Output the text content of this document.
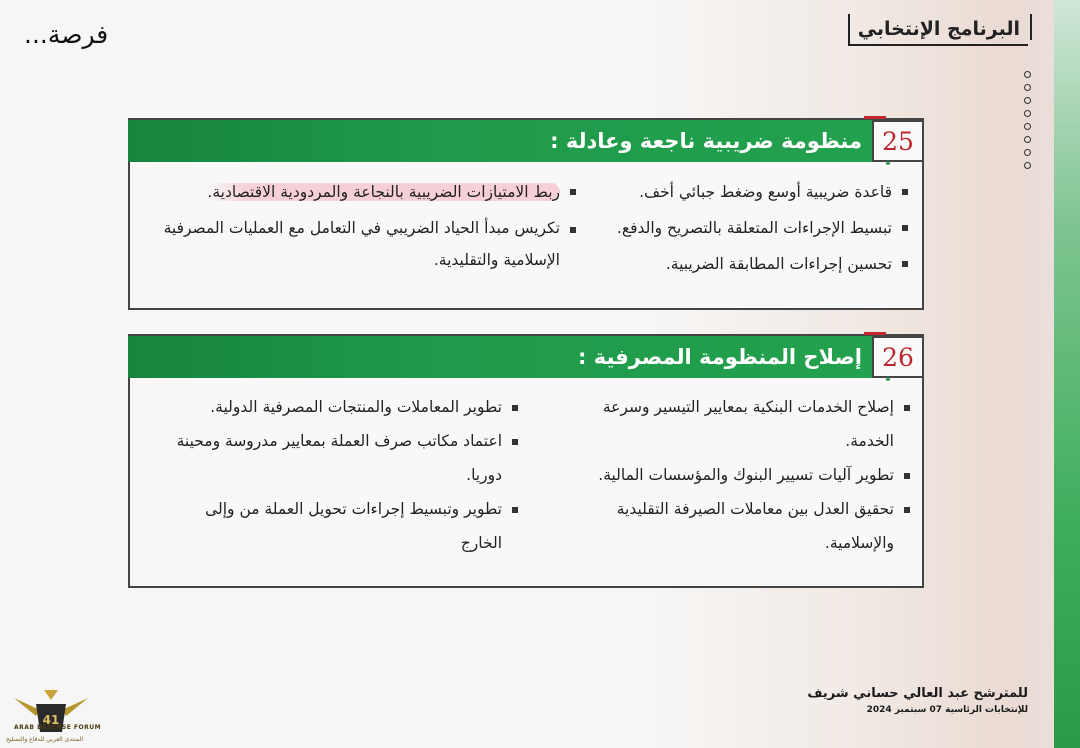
البرنامج الإنتخابي
فرصة...
25
منظومة ضريبية ناجعة وعادلة :
قاعدة ضريبية أوسع وضغط جبائي أخف.
تبسيط الإجراءات المتعلقة بالتصريح والدفع.
تحسين إجراءات المطابقة الضريبية.
ربط الامتيازات الضريبية بالنجاعة والمردودية الاقتصادية.
تكريس مبدأ الحياد الضريبي في التعامل مع العمليات المصرفية الإسلامية والتقليدية.
26
إصلاح المنظومة المصرفية :
إصلاح الخدمات البنكية بمعايير التيسير وسرعة الخدمة.
تطوير آليات تسيير البنوك والمؤسسات المالية.
تحقيق العدل بين معاملات الصيرفة التقليدية والإسلامية.
تطوير المعاملات والمنتجات المصرفية الدولية.
اعتماد مكاتب صرف العملة بمعايير مدروسة ومحينة دوريا.
تطوير وتبسيط إجراءات تحويل العملة من وإلى الخارج
للمترشح عبد العالي حساني شريف
للإنتخابات الرئاسية 07 سبتمبر 2024
41
ARAB DEFENSE FORUM
المنتدى العربي للدفاع والتسليح
